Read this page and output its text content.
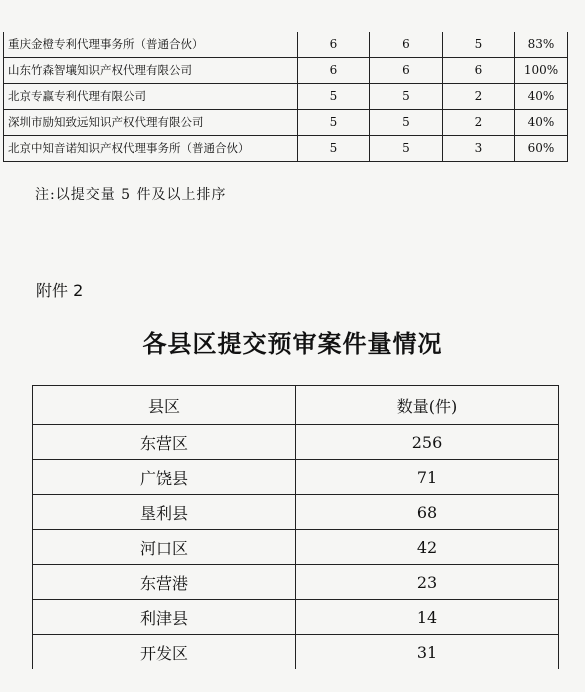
重庆金橙专利代理事务所（普通合伙）	6	6	5	83%
山东竹森智壤知识产权代理有限公司	6	6	6	100%
北京专赢专利代理有限公司	5	5	2	40%
深圳市励知致远知识产权代理有限公司	5	5	2	40%
北京中知音诺知识产权代理事务所（普通合伙）	5	5	3	60%
注:以提交量 5 件及以上排序
附件 2
各县区提交预审案件量情况
县区	数量(件)
东营区	256
广饶县	71
垦利县	68
河口区	42
东营港	23
利津县	14
开发区	31
